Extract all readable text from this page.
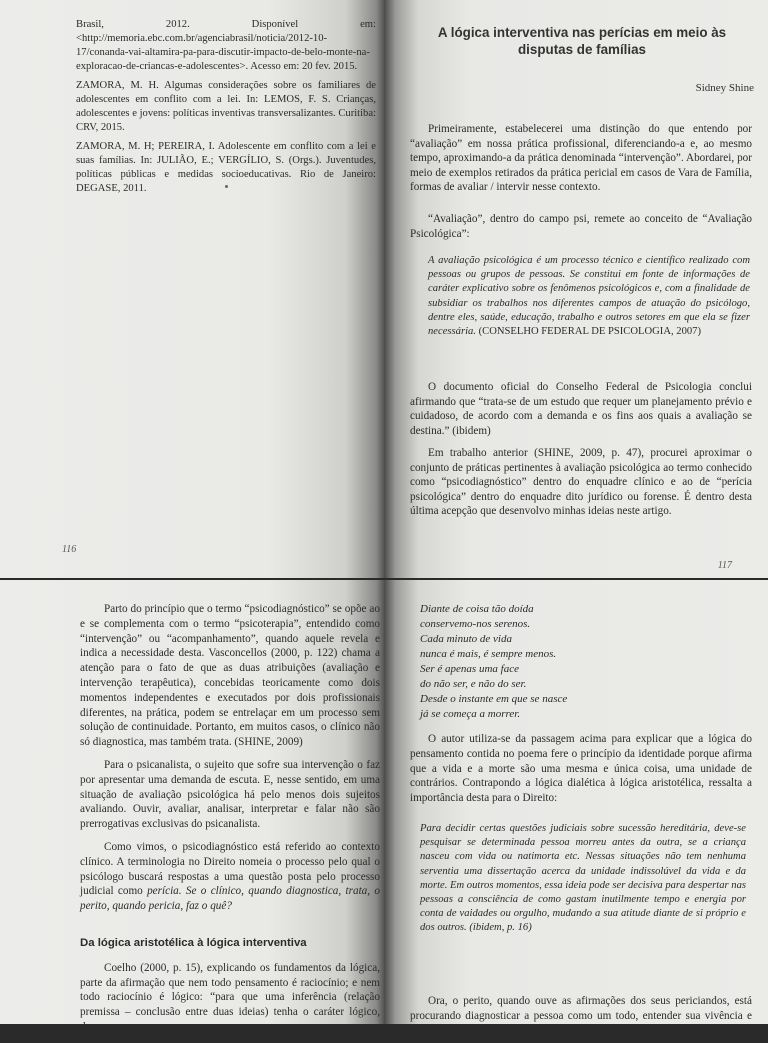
Brasil, 2012. Disponível em: <http://memoria.ebc.com.br/agenciabrasil/noticia/2012-10-17/conanda-vai-altamira-pa-para-discutir-impacto-de-belo-monte-na-exploracao-de-criancas-e-adolescentes>. Acesso em: 20 fev. 2015.

ZAMORA, M. H. Algumas considerações sobre os familiares de adolescentes em conflito com a lei. In: LEMOS, F. S. Crianças, adolescentes e jovens: políticas inventivas transversalizantes. Curitiba: CRV, 2015.

ZAMORA, M. H; PEREIRA, I. Adolescente em conflito com a lei e suas famílias. In: JULIÃO, E.; VERGÍLIO, S. (Orgs.). Juventudes, políticas públicas e medidas socioeducativas. Rio de Janeiro: DEGASE, 2011.

116
117
A lógica interventiva nas perícias em meio às disputas de famílias
Sidney Shine

Primeiramente, estabelecerei uma distinção do que entendo por “avaliação” em nossa prática profissional, diferenciando-a e, ao mesmo tempo, aproximando-a da prática denominada “intervenção”. Abordarei, por meio de exemplos retirados da prática pericial em casos de Vara de Família, formas de avaliar / intervir nesse contexto.

“Avaliação”, dentro do campo psi, remete ao conceito de “Avaliação Psicológica”:

A avaliação psicológica é um processo técnico e científico realizado com pessoas ou grupos de pessoas. Se constitui em fonte de informações de caráter explicativo sobre os fenômenos psicológicos e, com a finalidade de subsidiar os trabalhos nos diferentes campos de atuação do psicólogo, dentre eles, saúde, educação, trabalho e outros setores em que ela se fizer necessária. (CONSELHO FEDERAL DE PSICOLOGIA, 2007)

O documento oficial do Conselho Federal de Psicologia conclui afirmando que “trata-se de um estudo que requer um planejamento prévio e cuidadoso, de acordo com a demanda e os fins aos quais a avaliação se destina.” (ibidem)

Em trabalho anterior (SHINE, 2009, p. 47), procurei aproximar o conjunto de práticas pertinentes à avaliação psicológica ao termo conhecido como “psicodiagnóstico” dentro do enquadre clínico e ao de “perícia psicológica” dentro do enquadre dito jurídico ou forense. É dentro desta última acepção que desenvolvo minhas ideias neste artigo.

Parto do princípio que o termo “psicodiagnóstico” se opõe ao e se complementa com o termo “psicoterapia”, entendido como “intervenção” ou “acompanhamento”, quando aquele revela e indica a necessidade desta. Vasconcellos (2000, p. 122) chama a atenção para o fato de que as duas atribuições (avaliação e intervenção terapêutica), concebidas teoricamente como dois momentos independentes e executados por dois profissionais diferentes, na prática, podem se entrelaçar em um processo sem solução de continuidade. Portanto, em muitos casos, o clínico não só diagnostica, mas também trata. (SHINE, 2009)

Para o psicanalista, o sujeito que sofre sua intervenção o faz por apresentar uma demanda de escuta. E, nesse sentido, em uma situação de avaliação psicológica há pelo menos dois sujeitos avaliando. Ouvir, avaliar, analisar, interpretar e falar não são prerrogativas exclusivas do psicanalista.

Como vimos, o psicodiagnóstico está referido ao contexto clínico. A terminologia no Direito nomeia o processo pelo qual o psicólogo buscará respostas a uma questão posta pelo processo judicial como perícia. Se o clínico, quando diagnostica, trata, o perito, quando pericia, faz o quê?

Da lógica aristotélica à lógica interventiva

Coelho (2000, p. 15), explicando os fundamentos da lógica, parte da afirmação que nem todo pensamento é raciocínio; e nem todo raciocínio é lógico: “para que uma inferência (relação premissa – conclusão entre duas ideias) tenha o caráter lógico, devem ser

Diante de coisa tão doída
conservemo-nos serenos.
Cada minuto de vida
nunca é mais, é sempre menos.
Ser é apenas uma face
do não ser, e não do ser.
Desde o instante em que se nasce
já se começa a morrer.

O autor utiliza-se da passagem acima para explicar que a lógica do pensamento contida no poema fere o princípio da identidade porque afirma que a vida e a morte são uma mesma e única coisa, uma unidade de contrários. Contrapondo a lógica dialética à lógica aristotélica, ressalta a importância desta para o Direito:

Para decidir certas questões judiciais sobre sucessão hereditária, deve-se pesquisar se determinada pessoa morreu antes da outra, se a criança nasceu com vida ou natimorta etc. Nessas situações não tem nenhuma serventia uma dissertação acerca da unidade indissolúvel da vida e da morte. Em outros momentos, essa ideia pode ser decisiva para despertar nas pessoas a consciência de como gastam inutilmente tempo e energia por conta de vaidades ou orgulho, mudando a sua atitude diante de si próprio e dos outros. (ibidem, p. 16)

Ora, o perito, quando ouve as afirmações dos seus periciandos, está procurando diagnosticar a pessoa como um todo, entender sua vivência e compreender sua forma de aprender o
